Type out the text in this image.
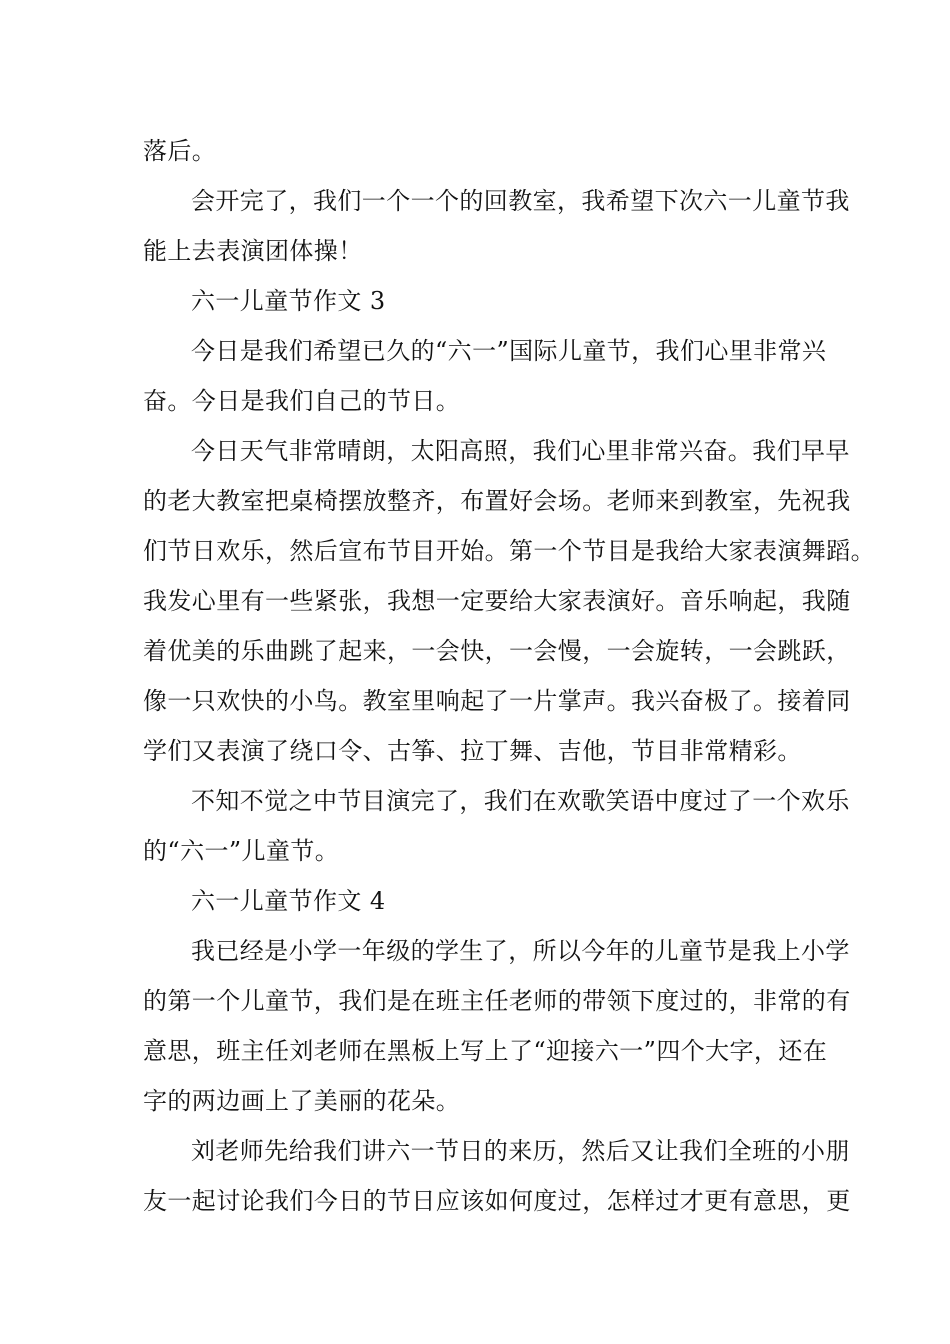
落后。
会开完了，我们一个一个的回教室，我希望下次六一儿童节我
能上去表演团体操！
六一儿童节作文 3
今日是我们希望已久的“六一”国际儿童节，我们心里非常兴
奋。今日是我们自己的节日。
今日天气非常晴朗，太阳高照，我们心里非常兴奋。我们早早
的老大教室把桌椅摆放整齐，布置好会场。老师来到教室，先祝我
们节日欢乐，然后宣布节目开始。第一个节目是我给大家表演舞蹈。
我发心里有一些紧张，我想一定要给大家表演好。音乐响起，我随
着优美的乐曲跳了起来，一会快，一会慢，一会旋转，一会跳跃，
像一只欢快的小鸟。教室里响起了一片掌声。我兴奋极了。接着同
学们又表演了绕口令、古筝、拉丁舞、吉他，节目非常精彩。
不知不觉之中节目演完了，我们在欢歌笑语中度过了一个欢乐
的“六一”儿童节。
六一儿童节作文 4
我已经是小学一年级的学生了，所以今年的儿童节是我上小学
的第一个儿童节，我们是在班主任老师的带领下度过的，非常的有
意思，班主任刘老师在黑板上写上了“迎接六一”四个大字，还在
字的两边画上了美丽的花朵。
刘老师先给我们讲六一节日的来历，然后又让我们全班的小朋
友一起讨论我们今日的节日应该如何度过，怎样过才更有意思，更
